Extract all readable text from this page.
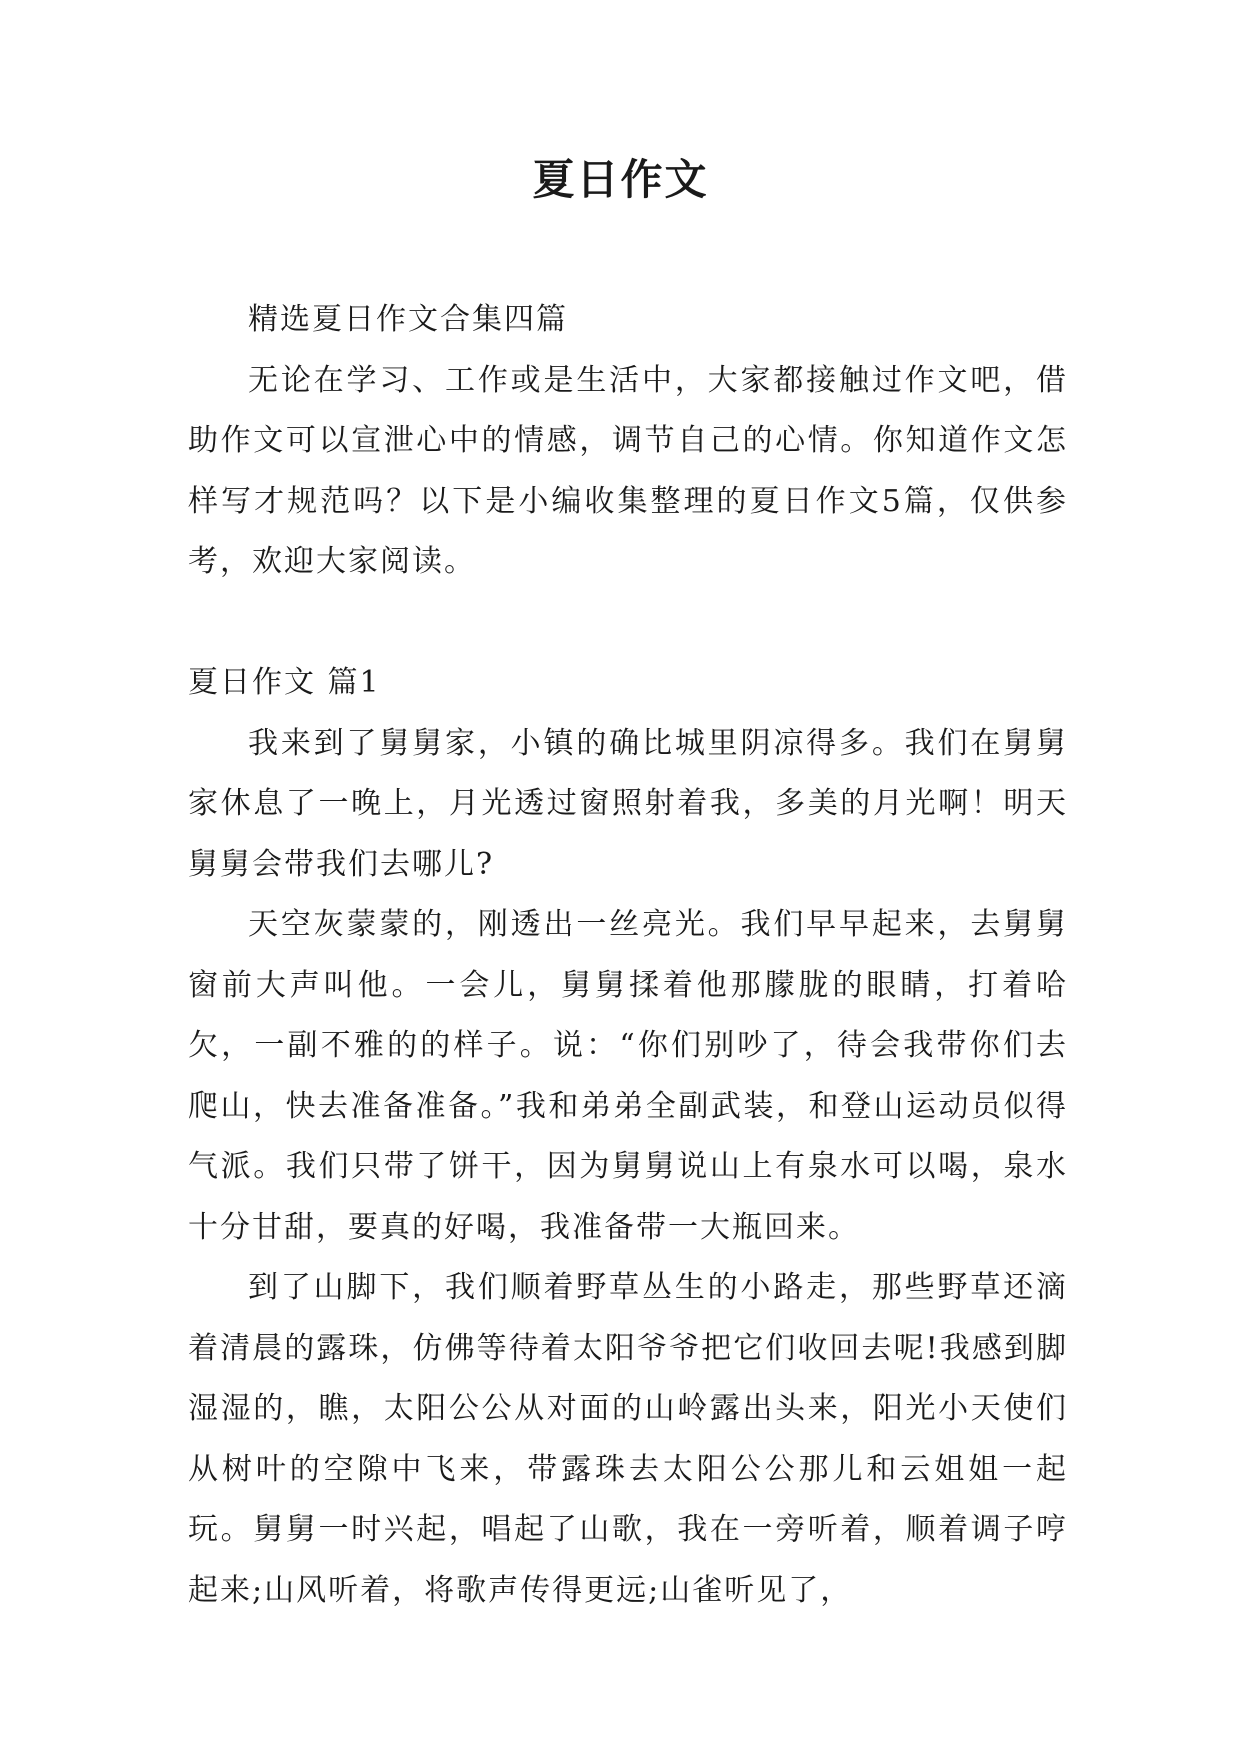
夏日作文

精选夏日作文合集四篇

无论在学习、工作或是生活中，大家都接触过作文吧，借助作文可以宣泄心中的情感，调节自己的心情。你知道作文怎样写才规范吗？以下是小编收集整理的夏日作文5篇，仅供参考，欢迎大家阅读。

夏日作文 篇1

我来到了舅舅家，小镇的确比城里阴凉得多。我们在舅舅家休息了一晚上，月光透过窗照射着我，多美的月光啊！明天舅舅会带我们去哪儿?

天空灰蒙蒙的，刚透出一丝亮光。我们早早起来，去舅舅窗前大声叫他。一会儿，舅舅揉着他那朦胧的眼睛，打着哈欠，一副不雅的的样子。说：“你们别吵了，待会我带你们去爬山，快去准备准备。”我和弟弟全副武装，和登山运动员似得气派。我们只带了饼干，因为舅舅说山上有泉水可以喝，泉水十分甘甜，要真的好喝，我准备带一大瓶回来。

到了山脚下，我们顺着野草丛生的小路走，那些野草还滴着清晨的露珠，仿佛等待着太阳爷爷把它们收回去呢!我感到脚湿湿的，瞧，太阳公公从对面的山岭露出头来，阳光小天使们从树叶的空隙中飞来，带露珠去太阳公公那儿和云姐姐一起玩。舅舅一时兴起，唱起了山歌，我在一旁听着，顺着调子哼起来;山风听着，将歌声传得更远;山雀听见了，
